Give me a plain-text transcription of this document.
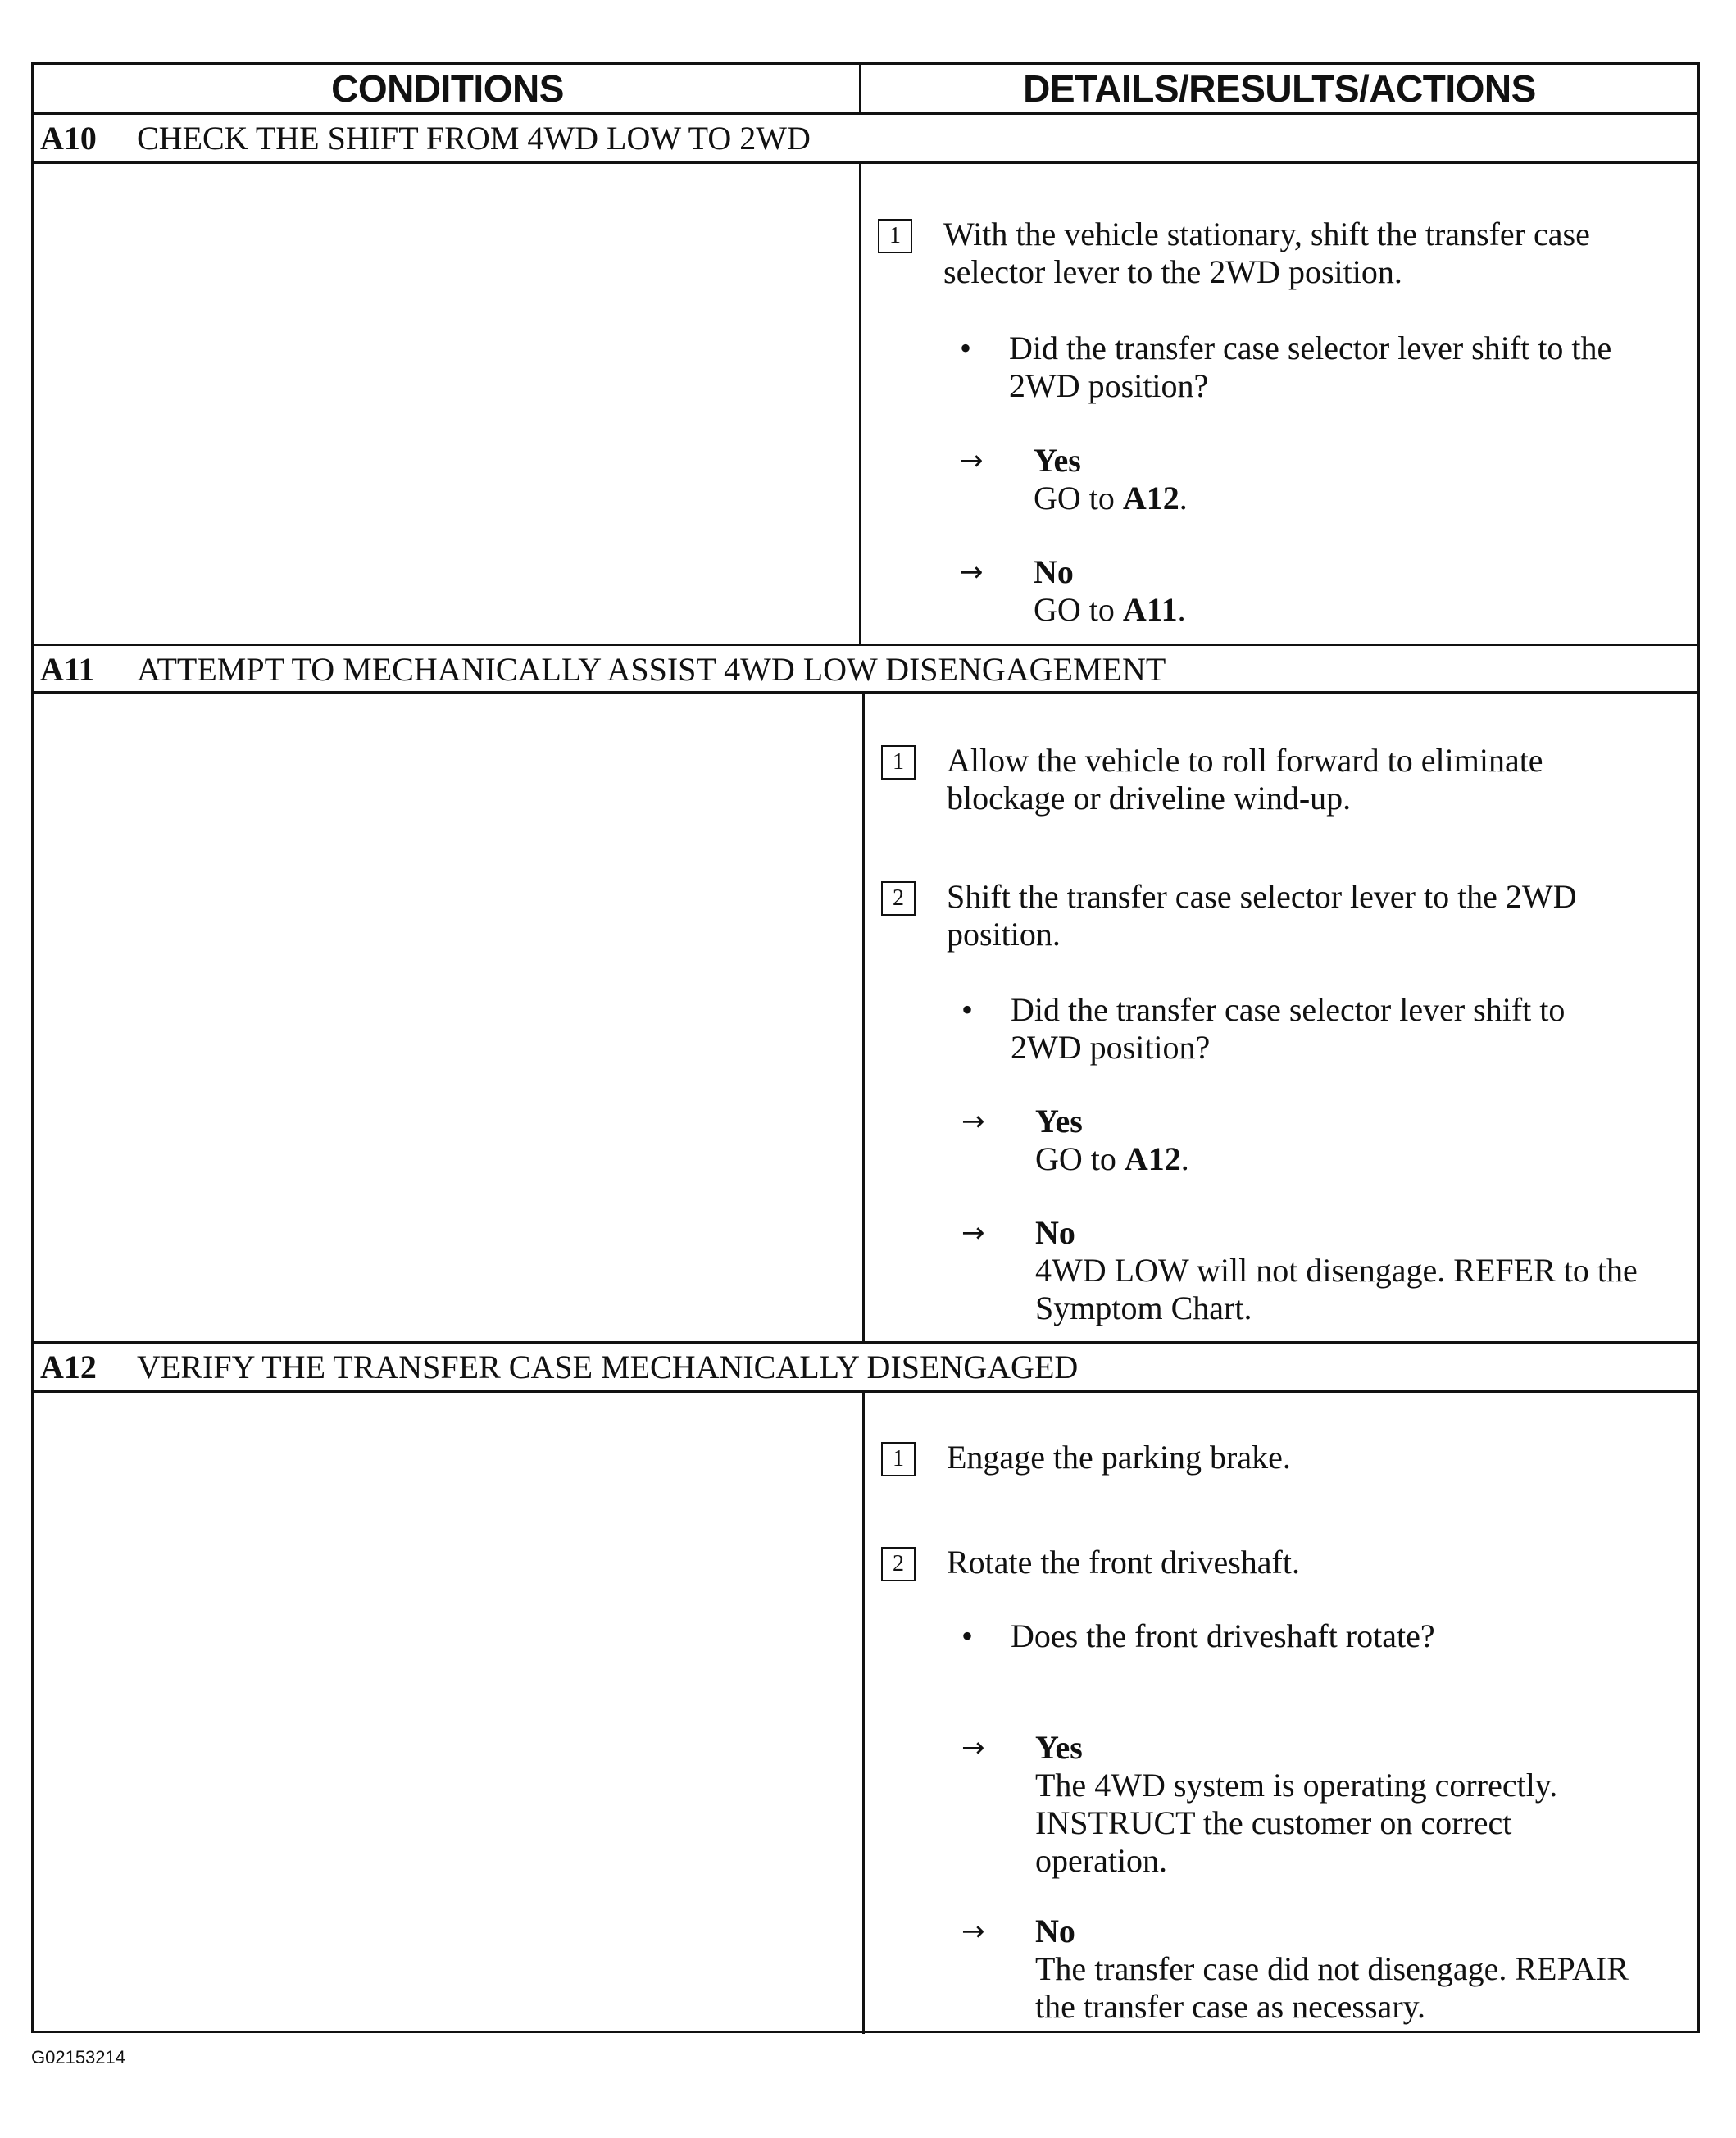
CONDITIONS	DETAILS/RESULTS/ACTIONS
A10 CHECK THE SHIFT FROM 4WD LOW TO 2WD
1	With the vehicle stationary, shift the transfer case
selector lever to the 2WD position.
• Did the transfer case selector lever shift to the
2WD position?
→ Yes
GO to A12.
→ No
GO to A11.
A11 ATTEMPT TO MECHANICALLY ASSIST 4WD LOW DISENGAGEMENT
1	Allow the vehicle to roll forward to eliminate
blockage or driveline wind-up.
2	Shift the transfer case selector lever to the 2WD
position.
• Did the transfer case selector lever shift to
2WD position?
→ Yes
GO to A12.
→ No
4WD LOW will not disengage. REFER to the
Symptom Chart.
A12 VERIFY THE TRANSFER CASE MECHANICALLY DISENGAGED
1	Engage the parking brake.
2	Rotate the front driveshaft.
• Does the front driveshaft rotate?
→ Yes
The 4WD system is operating correctly.
INSTRUCT the customer on correct
operation.
→ No
The transfer case did not disengage. REPAIR
the transfer case as necessary.
G02153214
